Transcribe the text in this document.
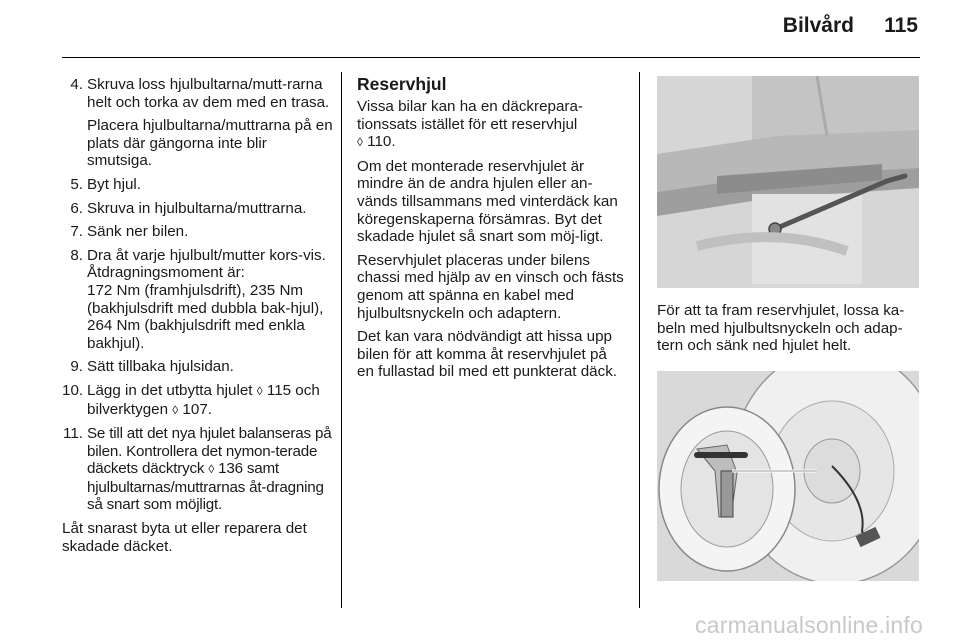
Bilvård	115
4. Skruva loss hjulbultarna/mutt-rarna helt och torka av dem med en trasa.

Placera hjulbultarna/muttrarna på en plats där gängorna inte blir smutsiga.

5. Byt hjul.

6. Skruva in hjulbultarna/muttrarna.

7. Sänk ner bilen.

8. Dra åt varje hjulbult/mutter kors-vis. Åtdragningsmoment är:

172 Nm (framhjulsdrift), 235 Nm (bakhjulsdrift med dubbla bak-hjul), 264 Nm (bakhjulsdrift med enkla bakhjul).

9. Sätt tillbaka hjulsidan.

10. Lägg in det utbytta hjulet ◊ 115 och bilverktygen ◊ 107.

11. Se till att det nya hjulet balanseras på bilen. Kontrollera det nymon-terade däckets däcktryck ◊ 136 samt hjulbultarnas/muttrarnas åt-dragning så snart som möjligt.

Låt snarast byta ut eller reparera det skadade däcket.

Reservhjul

Vissa bilar kan ha en däckrepara-tionssats istället för ett reservhjul
◊ 110.

Om det monterade reservhjulet är mindre än de andra hjulen eller an-vänds tillsammans med vinterdäck kan köregenskaperna försämras. Byt det skadade hjulet så snart som möj-ligt.

Reservhjulet placeras under bilens chassi med hjälp av en vinsch och fästs genom att spänna en kabel med hjulbultsnyckeln och adaptern.

Det kan vara nödvändigt att hissa upp bilen för att komma åt reservhjulet på en fullastad bil med ett punkterat däck.

För att ta fram reservhjulet, lossa ka-beln med hjulbultsnyckeln och adap-tern och sänk ned hjulet helt.

carmanualsonline.info
